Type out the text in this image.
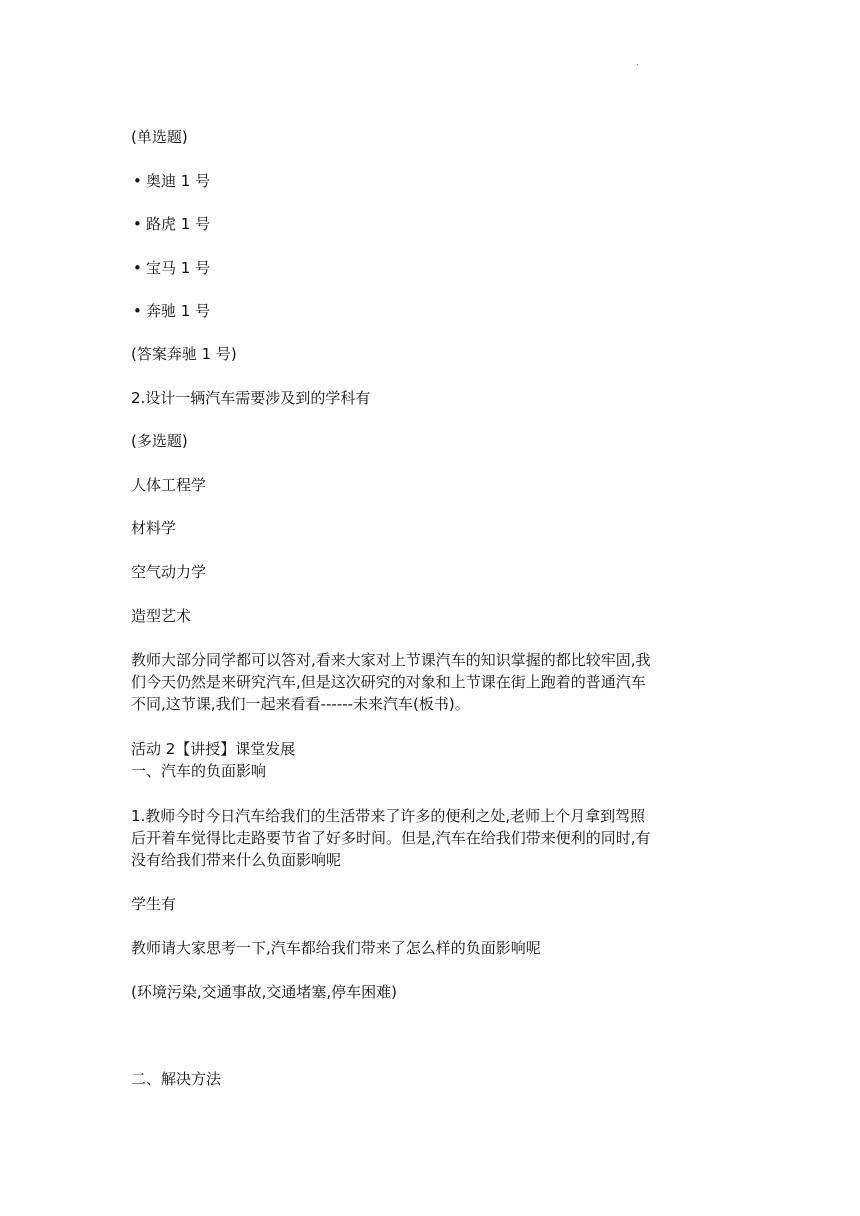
.
(单选题)
• 奥迪 1 号
• 路虎 1 号
• 宝马 1 号
• 奔驰 1 号
(答案奔驰 1 号)
2.设计一辆汽车需要涉及到的学科有
(多选题)
人体工程学
材料学
空气动力学
造型艺术
教师大部分同学都可以答对,看来大家对上节课汽车的知识掌握的都比较牢固,我
们今天仍然是来研究汽车,但是这次研究的对象和上节课在街上跑着的普通汽车
不同,这节课,我们一起来看看------未来汽车(板书)。
活动 2【讲授】课堂发展
一、汽车的负面影响
1.教师今时今日汽车给我们的生活带来了许多的便利之处,老师上个月拿到驾照
后开着车觉得比走路要节省了好多时间。但是,汽车在给我们带来便利的同时,有
没有给我们带来什么负面影响呢
学生有
教师请大家思考一下,汽车都给我们带来了怎么样的负面影响呢
(环境污染,交通事故,交通堵塞,停车困难)
二、解决方法
